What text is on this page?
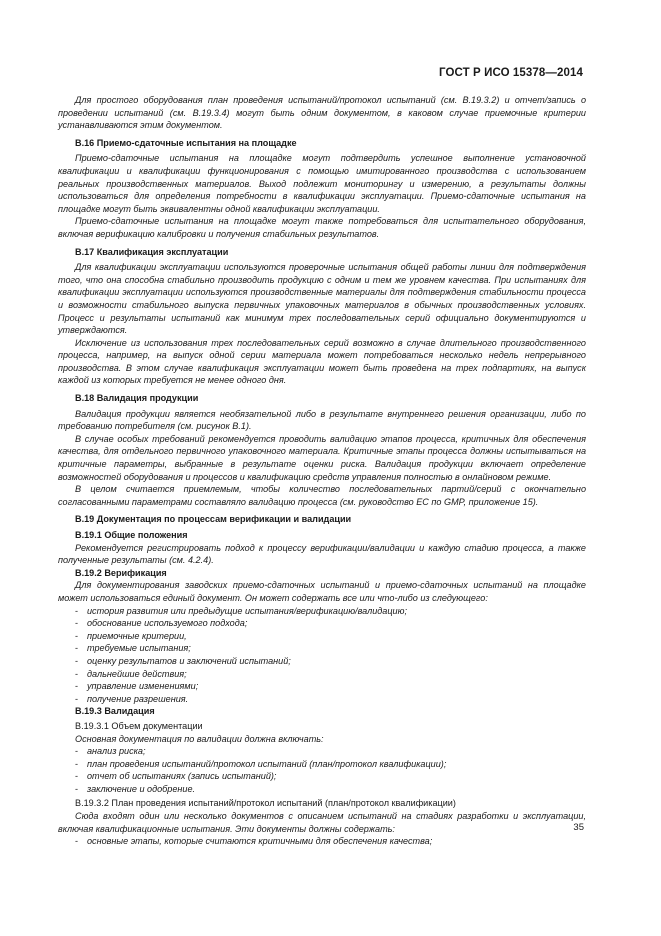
ГОСТ Р ИСО 15378—2014

Для простого оборудования план проведения испытаний/протокол испытаний (см. В.19.3.2) и отчет/запись о проведении испытаний (см. В.19.3.4) могут быть одним документом, в каковом случае приемочные критерии устанавливаются этим документом.

В.16 Приемо-сдаточные испытания на площадке

Приемо-сдаточные испытания на площадке могут подтвердить успешное выполнение установочной квалификации и квалификации функционирования с помощью имитированного производства с использованием реальных производственных материалов. Выход подлежит мониторингу и измерению, а результаты должны использоваться для определения потребности в квалификации эксплуатации. Приемо-сдаточные испытания на площадке могут быть эквивалентны одной квалификации эксплуатации.

Приемо-сдаточные испытания на площадке могут также потребоваться для испытательного оборудования, включая верификацию калибровки и получения стабильных результатов.

В.17 Квалификация эксплуатации

Для квалификации эксплуатации используются проверочные испытания общей работы линии для подтверждения того, что она способна стабильно производить продукцию с одним и тем же уровнем качества. При испытаниях для квалификации эксплуатации используются производственные материалы для подтверждения стабильности процесса и возможности стабильного выпуска первичных упаковочных материалов в обычных производственных условиях. Процесс и результаты испытаний как минимум трех последовательных серий официально документируются и утверждаются.

Исключение из использования трех последовательных серий возможно в случае длительного производственного процесса, например, на выпуск одной серии материала может потребоваться несколько недель непрерывного производства. В этом случае квалификация эксплуатации может быть проведена на трех подпартиях, на выпуск каждой из которых требуется не менее одного дня.

В.18 Валидация продукции

Валидация продукции является необязательной либо в результате внутреннего решения организации, либо по требованию потребителя (см. рисунок В.1).

В случае особых требований рекомендуется проводить валидацию этапов процесса, критичных для обеспечения качества, для отдельного первичного упаковочного материала. Критичные этапы процесса должны испытываться на критичные параметры, выбранные в результате оценки риска. Валидация продукции включает определение возможностей оборудования и процессов и квалификацию средств управления полностью в онлайновом режиме.

В целом считается приемлемым, чтобы количество последовательных партий/серий с окончательно согласованными параметрами составляло валидацию процесса (см. руководство ЕС по GMP, приложение 15).

В.19 Документация по процессам верификации и валидации
В.19.1 Общие положения

Рекомендуется регистрировать подход к процессу верификации/валидации и каждую стадию процесса, а также полученные результаты (см. 4.2.4).

В.19.2 Верификация

Для документирования заводских приемо-сдаточных испытаний и приемо-сдаточных испытаний на площадке может использоваться единый документ. Он может содержать все или что-либо из следующего:

- история развития или предыдущие испытания/верификацию/валидацию;
- обоснование используемого подхода;
- приемочные критерии,
- требуемые испытания;
- оценку результатов и заключений испытаний;
- дальнейшие действия;
- управление изменениями;
- получение разрешения.
В.19.3 Валидация
В.19.3.1 Объем документации

Основная документация по валидации должна включать:

- анализ риска;
- план проведения испытаний/протокол испытаний (план/протокол квалификации);
- отчет об испытаниях (запись испытаний);
- заключение и одобрение.
В.19.3.2 План проведения испытаний/протокол испытаний (план/протокол квалификации)

Сюда входят один или несколько документов с описанием испытаний на стадиях разработки и эксплуатации, включая квалификационные испытания. Эти документы должны содержать:

- основные этапы, которые считаются критичными для обеспечения качества;
35
